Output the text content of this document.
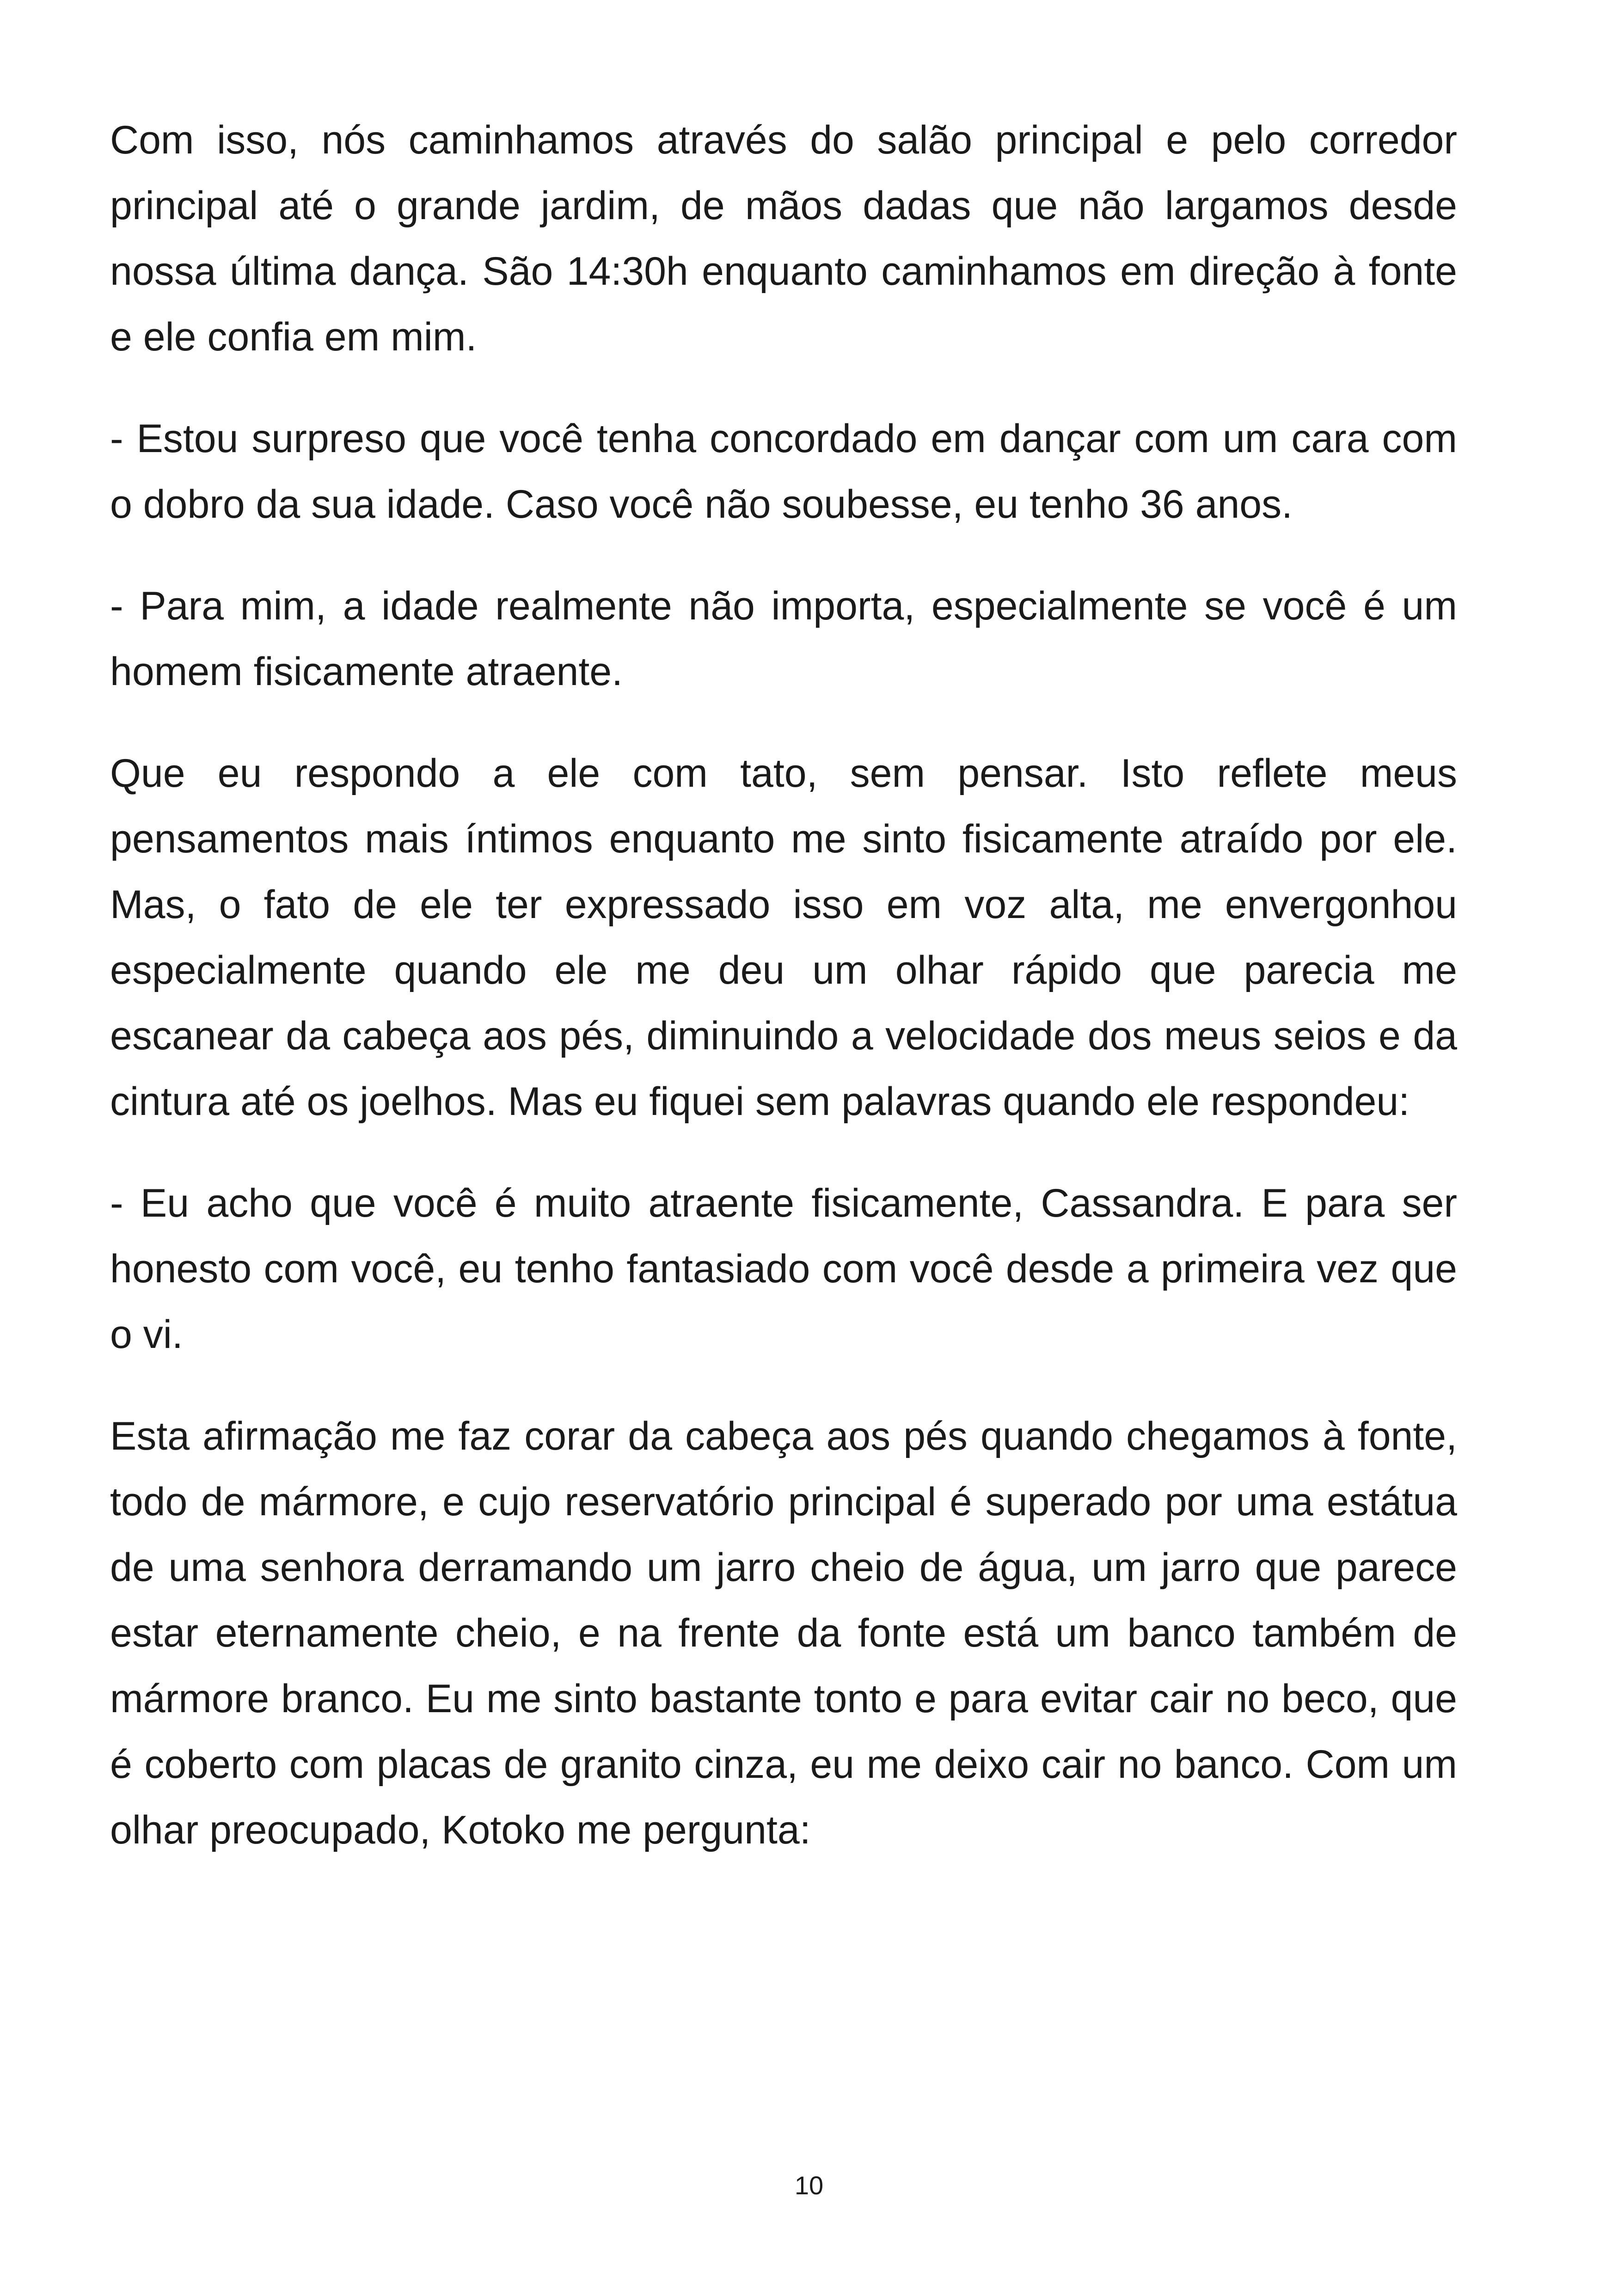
Com isso, nós caminhamos através do salão principal e pelo corredor principal até o grande jardim, de mãos dadas que não largamos desde nossa última dança. São 14:30h enquanto caminhamos em direção à fonte e ele confia em mim.

- Estou surpreso que você tenha concordado em dançar com um cara com o dobro da sua idade. Caso você não soubesse, eu tenho 36 anos.

- Para mim, a idade realmente não importa, especialmente se você é um homem fisicamente atraente.

Que eu respondo a ele com tato, sem pensar. Isto reflete meus pensamentos mais íntimos enquanto me sinto fisicamente atraído por ele. Mas, o fato de ele ter expressado isso em voz alta, me envergonhou especialmente quando ele me deu um olhar rápido que parecia me escanear da cabeça aos pés, diminuindo a velocidade dos meus seios e da cintura até os joelhos. Mas eu fiquei sem palavras quando ele respondeu:

- Eu acho que você é muito atraente fisicamente, Cassandra. E para ser honesto com você, eu tenho fantasiado com você desde a primeira vez que o vi.

Esta afirmação me faz corar da cabeça aos pés quando chegamos à fonte, todo de mármore, e cujo reservatório principal é superado por uma estátua de uma senhora derramando um jarro cheio de água, um jarro que parece estar eternamente cheio, e na frente da fonte está um banco também de mármore branco. Eu me sinto bastante tonto e para evitar cair no beco, que é coberto com placas de granito cinza, eu me deixo cair no banco. Com um olhar preocupado, Kotoko me pergunta:

10
